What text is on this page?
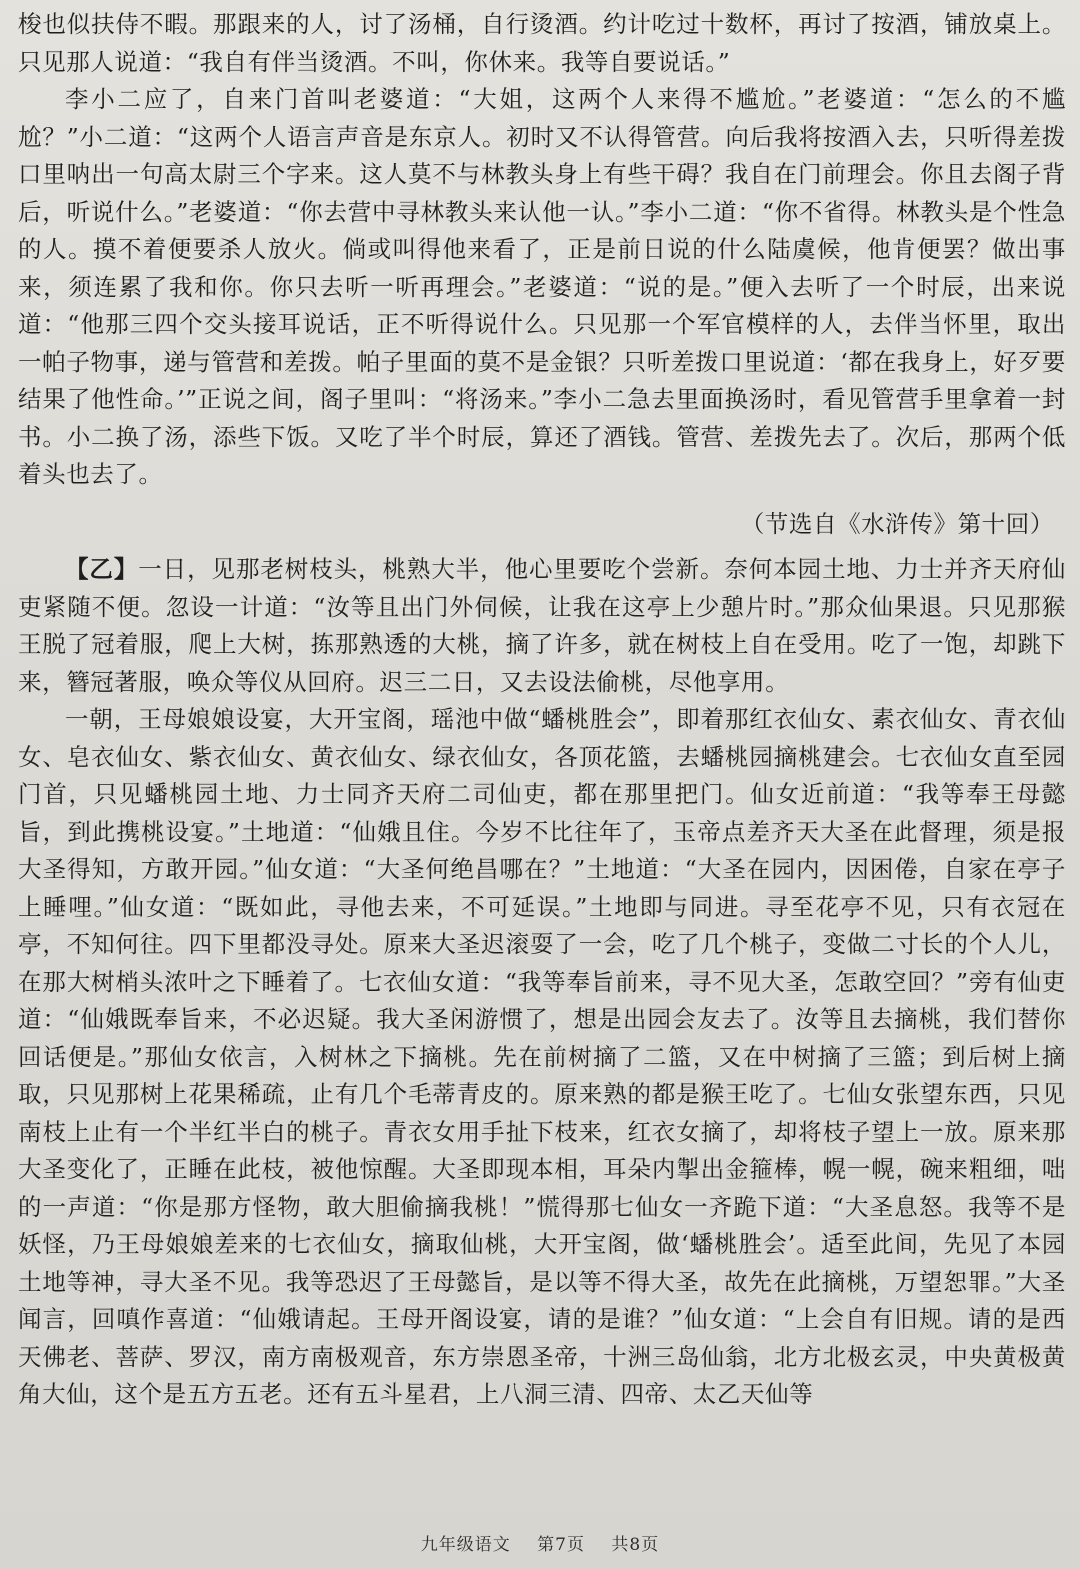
梭也似扶侍不暇。那跟来的人，讨了汤桶，自行烫酒。约计吃过十数杯，再讨了按酒，铺放桌上。只见那人说道：“我自有伴当烫酒。不叫，你休来。我等自要说话。”

李小二应了，自来门首叫老婆道：“大姐，这两个人来得不尴尬。”老婆道：“怎么的不尴尬？”小二道：“这两个人语言声音是东京人。初时又不认得管营。向后我将按酒入去，只听得差拨口里呐出一句高太尉三个字来。这人莫不与林教头身上有些干碍？我自在门前理会。你且去阁子背后，听说什么。”老婆道：“你去营中寻林教头来认他一认。”李小二道：“你不省得。林教头是个性急的人。摸不着便要杀人放火。倘或叫得他来看了，正是前日说的什么陆虞候，他肯便罢？做出事来，须连累了我和你。你只去听一听再理会。”老婆道：“说的是。”便入去听了一个时辰，出来说道：“他那三四个交头接耳说话，正不听得说什么。只见那一个军官模样的人，去伴当怀里，取出一帕子物事，递与管营和差拨。帕子里面的莫不是金银？只听差拨口里说道：‘都在我身上，好歹要结果了他性命。’”正说之间，阁子里叫：“将汤来。”李小二急去里面换汤时，看见管营手里拿着一封书。小二换了汤，添些下饭。又吃了半个时辰，算还了酒钱。管营、差拨先去了。次后，那两个低着头也去了。

（节选自《水浒传》第十回）

【乙】一日，见那老树枝头，桃熟大半，他心里要吃个尝新。奈何本园土地、力士并齐天府仙吏紧随不便。忽设一计道：“汝等且出门外伺候，让我在这亭上少憩片时。”那众仙果退。只见那猴王脱了冠着服，爬上大树，拣那熟透的大桃，摘了许多，就在树枝上自在受用。吃了一饱，却跳下来，簪冠著服，唤众等仪从回府。迟三二日，又去设法偷桃，尽他享用。

一朝，王母娘娘设宴，大开宝阁，瑶池中做“蟠桃胜会”，即着那红衣仙女、素衣仙女、青衣仙女、皂衣仙女、紫衣仙女、黄衣仙女、绿衣仙女，各顶花篮，去蟠桃园摘桃建会。七衣仙女直至园门首，只见蟠桃园土地、力士同齐天府二司仙吏，都在那里把门。仙女近前道：“我等奉王母懿旨，到此携桃设宴。”土地道：“仙娥且住。今岁不比往年了，玉帝点差齐天大圣在此督理，须是报大圣得知，方敢开园。”仙女道：“大圣何绝昌哪在？”土地道：“大圣在园内，因困倦，自家在亭子上睡哩。”仙女道：“既如此，寻他去来，不可延误。”土地即与同进。寻至花亭不见，只有衣冠在亭，不知何往。四下里都没寻处。原来大圣迟滚耍了一会，吃了几个桃子，变做二寸长的个人儿，在那大树梢头浓叶之下睡着了。七衣仙女道：“我等奉旨前来，寻不见大圣，怎敢空回？”旁有仙吏道：“仙娥既奉旨来，不必迟疑。我大圣闲游惯了，想是出园会友去了。汝等且去摘桃，我们替你回话便是。”那仙女依言，入树林之下摘桃。先在前树摘了二篮，又在中树摘了三篮；到后树上摘取，只见那树上花果稀疏，止有几个毛蒂青皮的。原来熟的都是猴王吃了。七仙女张望东西，只见南枝上止有一个半红半白的桃子。青衣女用手扯下枝来，红衣女摘了，却将枝子望上一放。原来那大圣变化了，正睡在此枝，被他惊醒。大圣即现本相，耳朵内掣出金箍棒，幌一幌，碗来粗细，咄的一声道：“你是那方怪物，敢大胆偷摘我桃！”慌得那七仙女一齐跪下道：“大圣息怒。我等不是妖怪，乃王母娘娘差来的七衣仙女，摘取仙桃，大开宝阁，做‘蟠桃胜会’。适至此间，先见了本园土地等神，寻大圣不见。我等恐迟了王母懿旨，是以等不得大圣，故先在此摘桃，万望恕罪。”大圣闻言，回嗔作喜道：“仙娥请起。王母开阁设宴，请的是谁？”仙女道：“上会自有旧规。请的是西天佛老、菩萨、罗汉，南方南极观音，东方崇恩圣帝，十洲三岛仙翁，北方北极玄灵，中央黄极黄角大仙，这个是五方五老。还有五斗星君，上八洞三清、四帝、太乙天仙等

九年级语文 第7页 共8页
